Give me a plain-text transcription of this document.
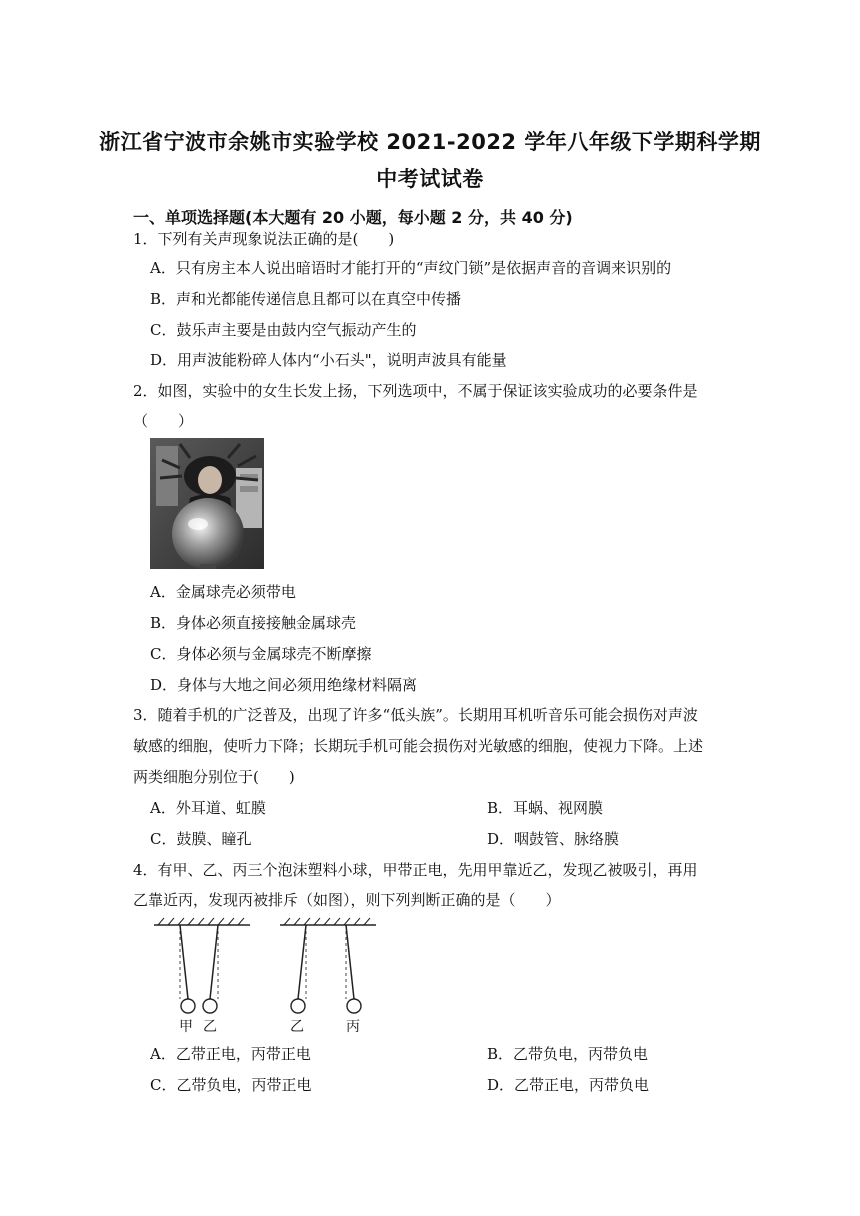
浙江省宁波市余姚市实验学校 2021-2022 学年八年级下学期科学期
中考试试卷
一、单项选择题(本大题有 20 小题，每小题 2 分，共 40 分)
1．下列有关声现象说法正确的是(　　)
A．只有房主本人说出暗语时才能打开的“声纹门锁”是依据声音的音调来识别的
B．声和光都能传递信息且都可以在真空中传播
C．鼓乐声主要是由鼓内空气振动产生的
D．用声波能粉碎人体内“小石头"，说明声波具有能量
2．如图，实验中的女生长发上扬，下列选项中，不属于保证该实验成功的必要条件是
（　　）
A．金属球壳必须带电
B．身体必须直接接触金属球壳
C．身体必须与金属球壳不断摩擦
D．身体与大地之间必须用绝缘材料隔离
3．随着手机的广泛普及，出现了许多“低头族”。长期用耳机听音乐可能会损伤对声波
敏感的细胞，使听力下降；长期玩手机可能会损伤对光敏感的细胞，使视力下降。上述
两类细胞分别位于(　　)
A．外耳道、虹膜	B．耳蜗、视网膜
C．鼓膜、瞳孔	D．咽鼓管、脉络膜
4．有甲、乙、丙三个泡沫塑料小球，甲带正电，先用甲靠近乙，发现乙被吸引，再用
乙靠近丙，发现丙被排斥（如图），则下列判断正确的是（　　）
甲 乙	乙	丙
A．乙带正电，丙带正电	B．乙带负电，丙带负电
C．乙带负电，丙带正电	D．乙带正电，丙带负电
